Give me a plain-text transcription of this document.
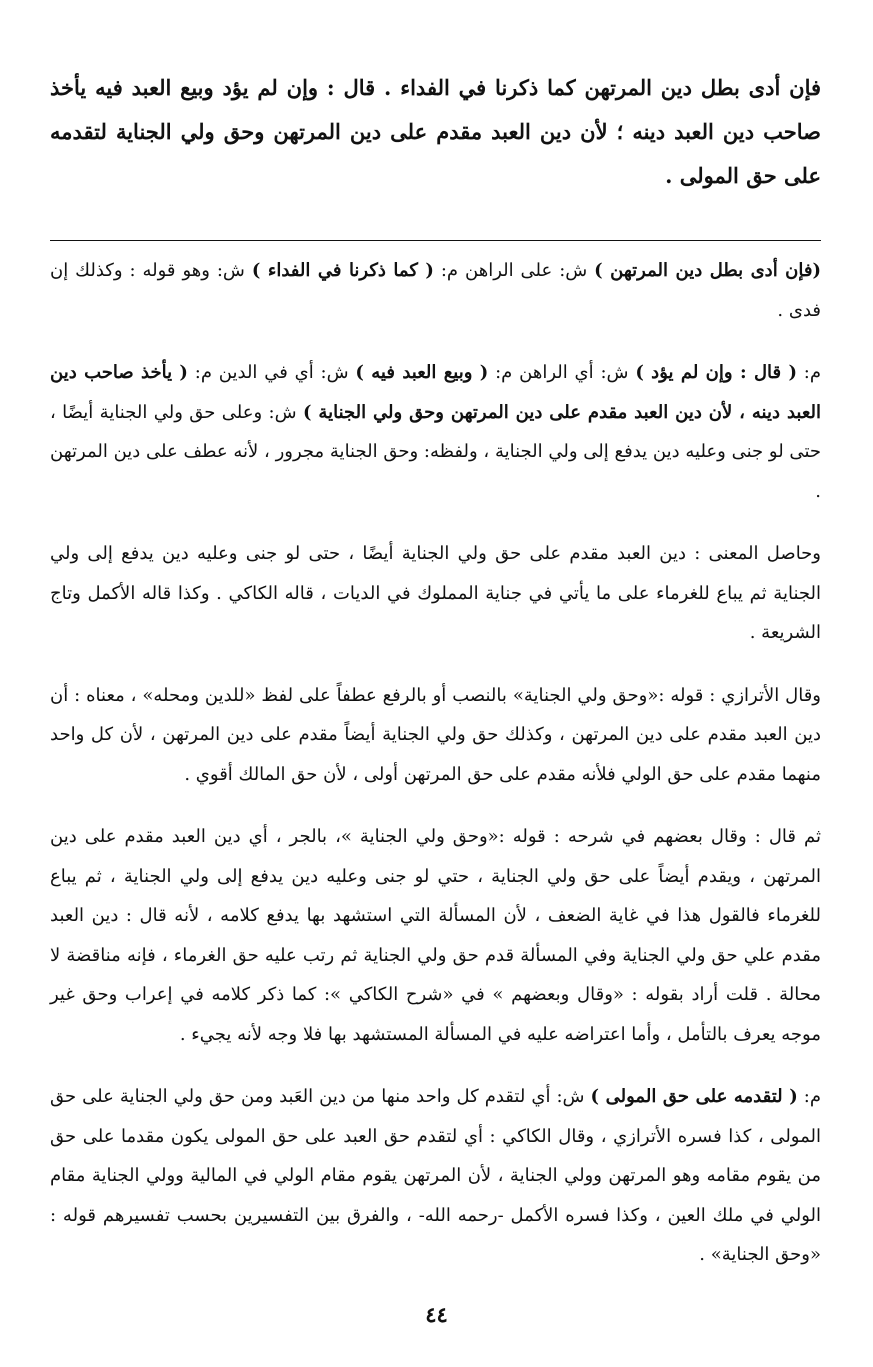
فإن أدى بطل دين المرتهن كما ذكرنا في الفداء . قال : وإن لم يؤد وبيع العبد فيه يأخذ صاحب دين العبد دينه ؛ لأن دين العبد مقدم على دين المرتهن وحق ولي الجناية لتقدمه على حق المولى .

(فإن أدى بطل دين المرتهن ) ش: على الراهن م: ( كما ذكرنا في الفداء ) ش: وهو قوله : وكذلك إن فدى .

م: ( قال : وإن لم يؤد ) ش: أي الراهن م: ( وبيع العبد فيه ) ش: أي في الدين م: ( يأخذ صاحب دين العبد دينه ، لأن دين العبد مقدم على دين المرتهن وحق ولي الجناية ) ش: وعلى حق ولي الجناية أيضًا ، حتى لو جنى وعليه دين يدفع إلى ولي الجناية ، ولفظه: وحق الجناية مجرور ، لأنه عطف على دين المرتهن .

وحاصل المعنى : دين العبد مقدم على حق ولي الجناية أيضًا ، حتى لو جنى وعليه دين يدفع إلى ولي الجناية ثم يباع للغرماء على ما يأتي في جناية المملوك في الديات ، قاله الكاكي . وكذا قاله الأكمل وتاج الشريعة .

وقال الأترازي : قوله :«وحق ولي الجناية» بالنصب أو بالرفع عطفاً على لفظ «للدين ومحله» ، معناه : أن دين العبد مقدم على دين المرتهن ، وكذلك حق ولي الجناية أيضاً مقدم على دين المرتهن ، لأن كل واحد منهما مقدم على حق الولي فلأنه مقدم على حق المرتهن أولى ، لأن حق المالك أقوي .

ثم قال : وقال بعضهم في شرحه : قوله :«وحق ولي الجناية »، بالجر ، أي دين العبد مقدم على دين المرتهن ، ويقدم أيضاً على حق ولي الجناية ، حتي لو جنى وعليه دين يدفع إلى ولي الجناية ، ثم يباع للغرماء فالقول هذا في غاية الضعف ، لأن المسألة التي استشهد بها يدفع كلامه ، لأنه قال : دين العبد مقدم علي حق ولي الجناية وفي المسألة قدم حق ولي الجناية ثم رتب عليه حق الغرماء ، فإنه مناقضة لا محالة . قلت أراد بقوله : «وقال وبعضهم » في «شرح الكاكي »: كما ذكر كلامه في إعراب وحق غير موجه يعرف بالتأمل ، وأما اعتراضه عليه في المسألة المستشهد بها فلا وجه لأنه يجيء .

م: ( لتقدمه على حق المولى ) ش: أي لتقدم كل واحد منها من دين العَبد ومن حق ولي الجناية على حق المولى ، كذا فسره الأترازي ، وقال الكاكي : أي لتقدم حق العبد على حق المولى يكون مقدما على حق من يقوم مقامه وهو المرتهن وولي الجناية ، لأن المرتهن يقوم مقام الولي في المالية وولي الجناية مقام الولي في ملك العين ، وكذا فسره الأكمل -رحمه الله- ، والفرق بين التفسيرين بحسب تفسيرهم قوله : «وحق الجناية» .

٤٤
